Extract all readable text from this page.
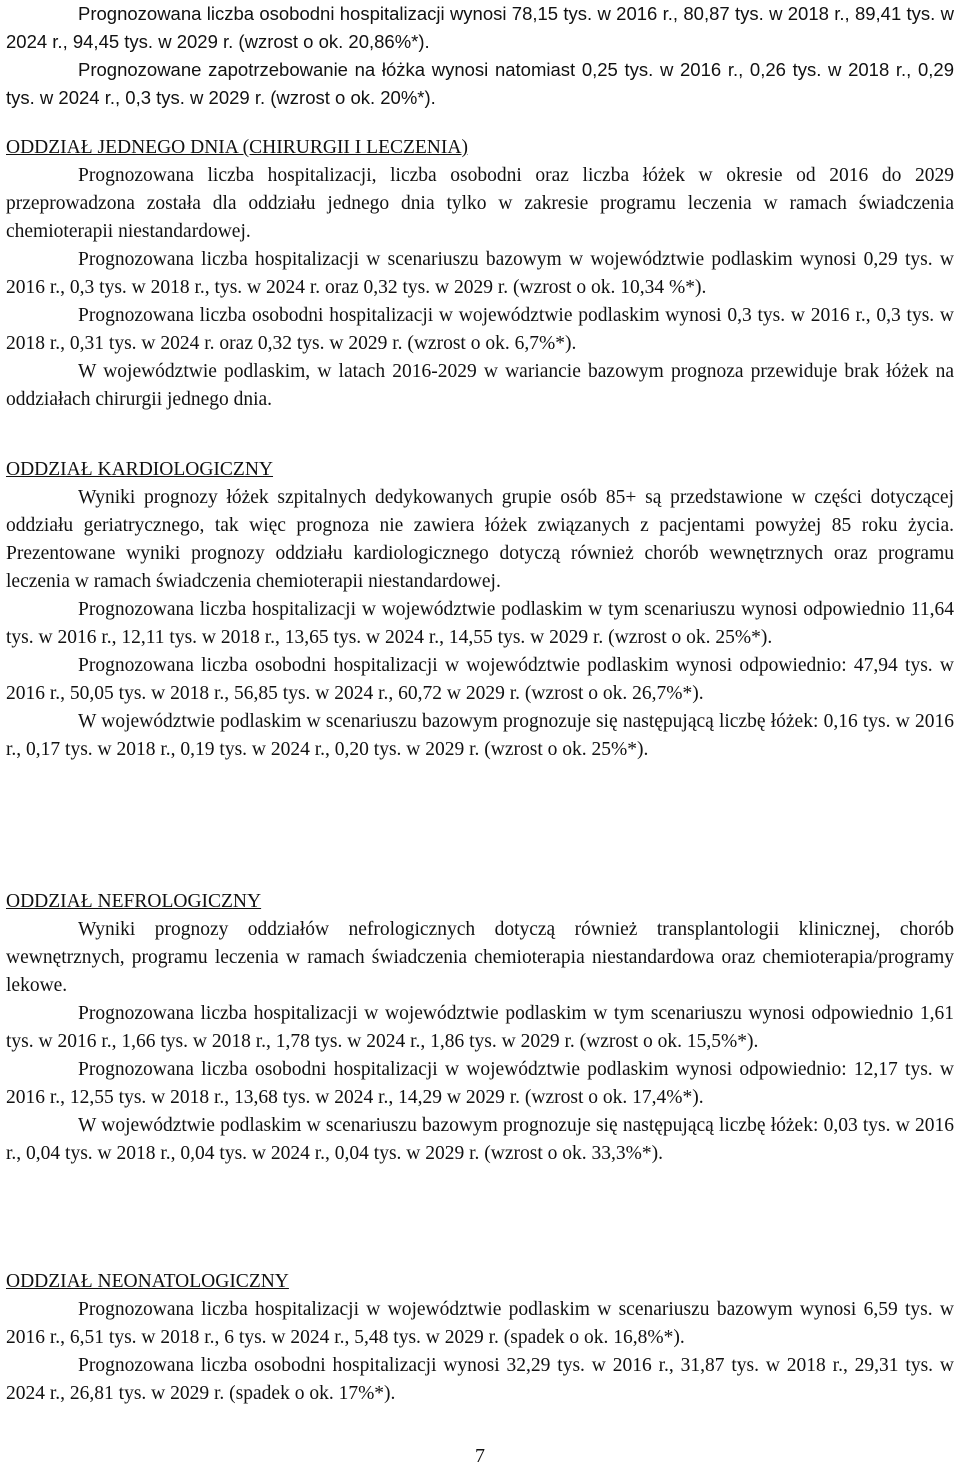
Prognozowana liczba osobodni hospitalizacji wynosi 78,15 tys. w 2016 r., 80,87 tys. w 2018 r., 89,41 tys. w 2024 r., 94,45 tys. w 2029 r. (wzrost o ok. 20,86%*).

Prognozowane zapotrzebowanie na łóżka wynosi natomiast 0,25 tys. w 2016 r., 0,26 tys. w 2018 r., 0,29 tys. w 2024 r., 0,3 tys. w 2029 r. (wzrost o ok. 20%*).

ODDZIAŁ JEDNEGO DNIA (CHIRURGII I LECZENIA)

Prognozowana liczba hospitalizacji, liczba osobodni oraz liczba łóżek w okresie od 2016 do 2029 przeprowadzona została dla oddziału jednego dnia tylko w zakresie programu leczenia w ramach świadczenia chemioterapii niestandardowej.

Prognozowana liczba hospitalizacji w scenariuszu bazowym w województwie podlaskim wynosi 0,29 tys. w 2016 r., 0,3 tys. w 2018 r., tys. w 2024 r. oraz 0,32 tys. w 2029 r. (wzrost o ok. 10,34 %*).

Prognozowana liczba osobodni hospitalizacji w województwie podlaskim wynosi 0,3 tys. w 2016 r., 0,3 tys. w 2018 r., 0,31 tys. w 2024 r. oraz 0,32 tys. w 2029 r. (wzrost o ok. 6,7%*).

W województwie podlaskim, w latach 2016-2029 w wariancie bazowym prognoza przewiduje brak łóżek na oddziałach chirurgii jednego dnia.

ODDZIAŁ KARDIOLOGICZNY

Wyniki prognozy łóżek szpitalnych dedykowanych grupie osób 85+ są przedstawione w części dotyczącej oddziału geriatrycznego, tak więc prognoza nie zawiera łóżek związanych z pacjentami powyżej 85 roku życia. Prezentowane wyniki prognozy oddziału kardiologicznego dotyczą również chorób wewnętrznych oraz programu leczenia w ramach świadczenia chemioterapii niestandardowej.

Prognozowana liczba hospitalizacji w województwie podlaskim w tym scenariuszu wynosi odpowiednio 11,64 tys. w 2016 r., 12,11 tys. w 2018 r., 13,65 tys. w 2024 r., 14,55 tys. w 2029 r. (wzrost o ok. 25%*).

Prognozowana liczba osobodni hospitalizacji w województwie podlaskim wynosi odpowiednio: 47,94 tys. w 2016 r., 50,05 tys. w 2018 r., 56,85 tys. w 2024 r., 60,72 w 2029 r. (wzrost o ok. 26,7%*).

W województwie podlaskim w scenariuszu bazowym prognozuje się następującą liczbę łóżek: 0,16 tys. w 2016 r., 0,17 tys. w 2018 r., 0,19 tys. w 2024 r., 0,20 tys. w 2029 r. (wzrost o ok. 25%*).

ODDZIAŁ NEFROLOGICZNY

Wyniki prognozy oddziałów nefrologicznych dotyczą również transplantologii klinicznej, chorób wewnętrznych, programu leczenia w ramach świadczenia chemioterapia niestandardowa oraz chemioterapia/programy lekowe.

Prognozowana liczba hospitalizacji w województwie podlaskim w tym scenariuszu wynosi odpowiednio 1,61 tys. w 2016 r., 1,66 tys. w 2018 r., 1,78 tys. w 2024 r., 1,86 tys. w 2029 r. (wzrost o ok. 15,5%*).

Prognozowana liczba osobodni hospitalizacji w województwie podlaskim wynosi odpowiednio: 12,17 tys. w 2016 r., 12,55 tys. w 2018 r., 13,68 tys. w 2024 r., 14,29 w 2029 r. (wzrost o ok. 17,4%*).

W województwie podlaskim w scenariuszu bazowym prognozuje się następującą liczbę łóżek: 0,03 tys. w 2016 r., 0,04 tys. w 2018 r., 0,04 tys. w 2024 r., 0,04 tys. w 2029 r. (wzrost o ok. 33,3%*).

ODDZIAŁ NEONATOLOGICZNY

Prognozowana liczba hospitalizacji w województwie podlaskim w scenariuszu bazowym wynosi 6,59 tys. w 2016 r., 6,51 tys. w 2018 r., 6 tys. w 2024 r., 5,48 tys. w 2029 r. (spadek o ok. 16,8%*).

Prognozowana liczba osobodni hospitalizacji wynosi 32,29 tys. w 2016 r., 31,87 tys. w 2018 r., 29,31 tys. w 2024 r., 26,81 tys. w 2029 r. (spadek o ok. 17%*).

7
